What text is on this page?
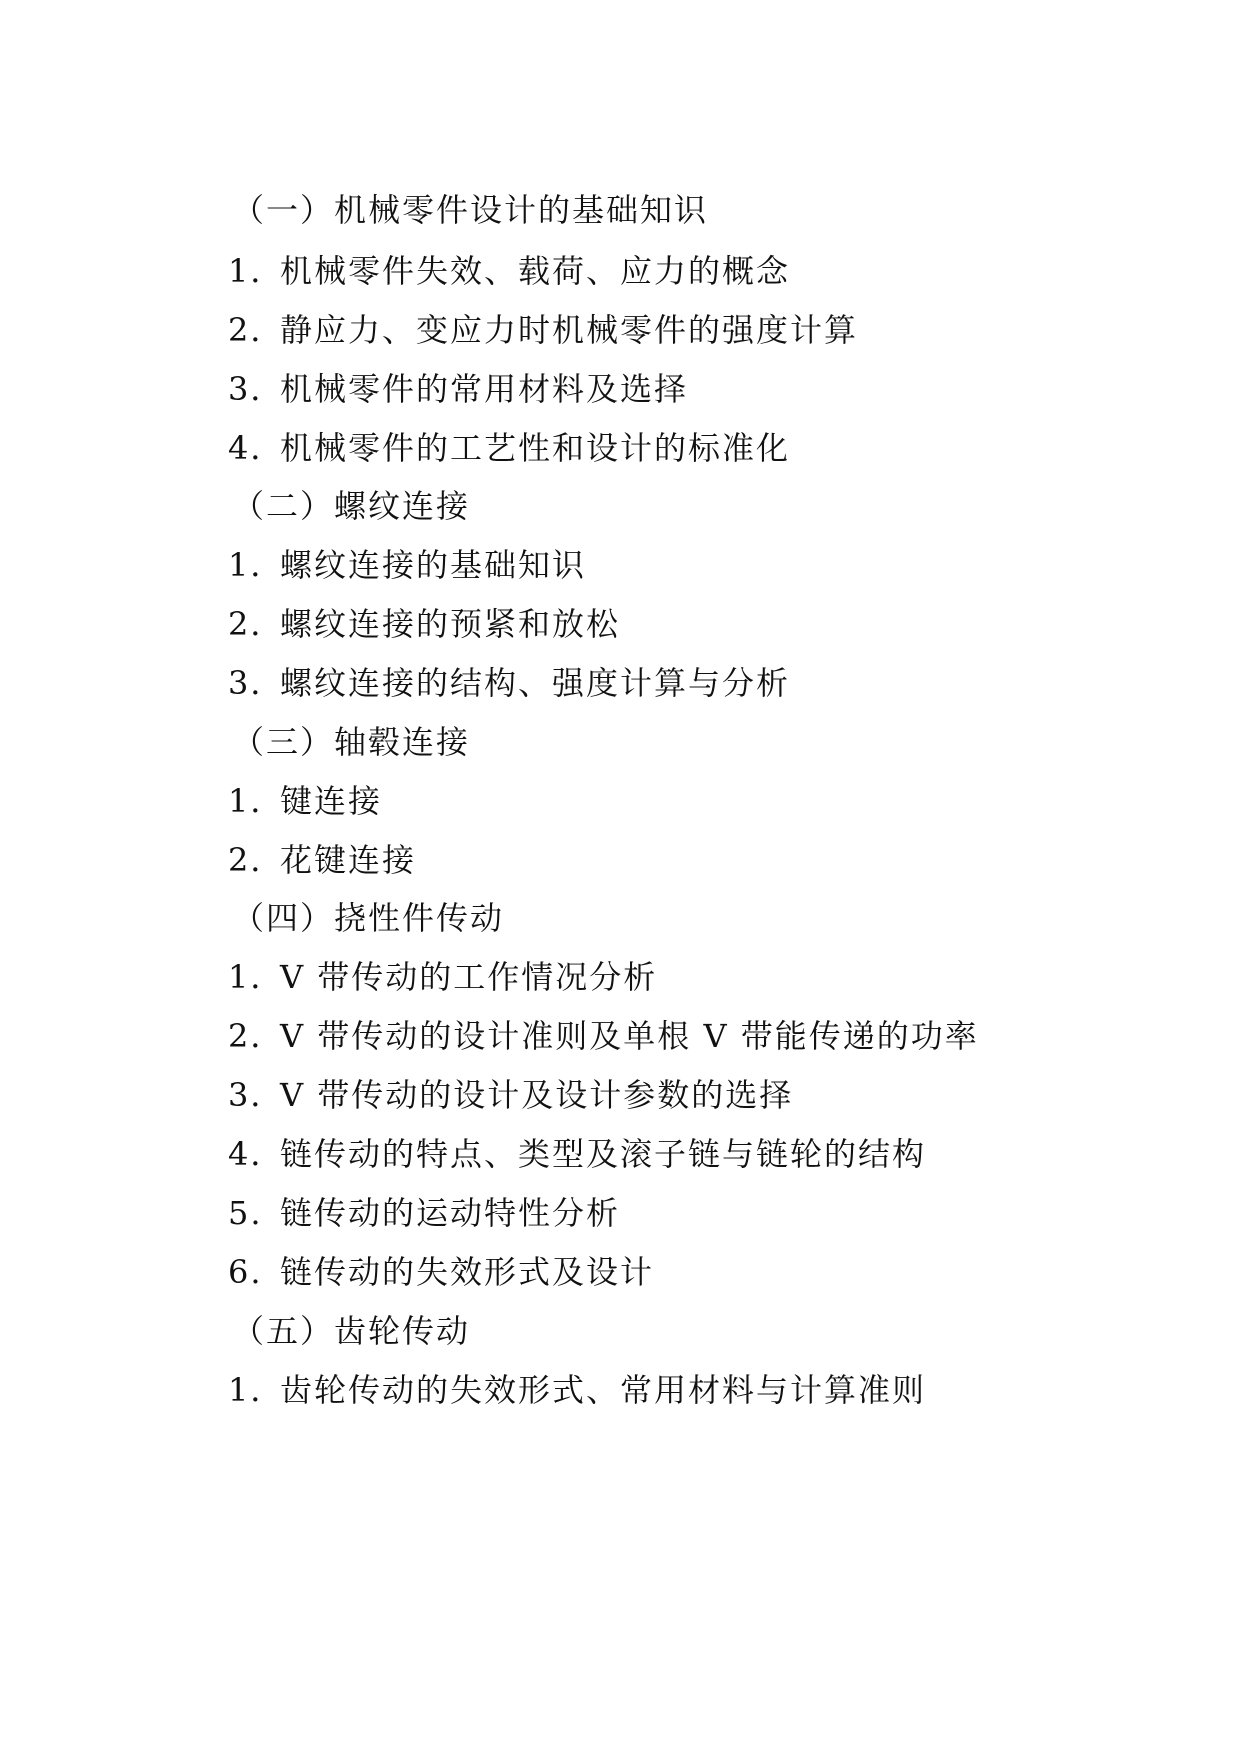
（一）机械零件设计的基础知识
1．机械零件失效、载荷、应力的概念
2．静应力、变应力时机械零件的强度计算
3．机械零件的常用材料及选择
4．机械零件的工艺性和设计的标准化
（二）螺纹连接
1．螺纹连接的基础知识
2．螺纹连接的预紧和放松
3．螺纹连接的结构、强度计算与分析
（三）轴毂连接
1．键连接
2．花键连接
（四）挠性件传动
1．V 带传动的工作情况分析
2．V 带传动的设计准则及单根 V 带能传递的功率
3．V 带传动的设计及设计参数的选择
4．链传动的特点、类型及滚子链与链轮的结构
5. 链传动的运动特性分析
6. 链传动的失效形式及设计
（五）齿轮传动
1．齿轮传动的失效形式、常用材料与计算准则
